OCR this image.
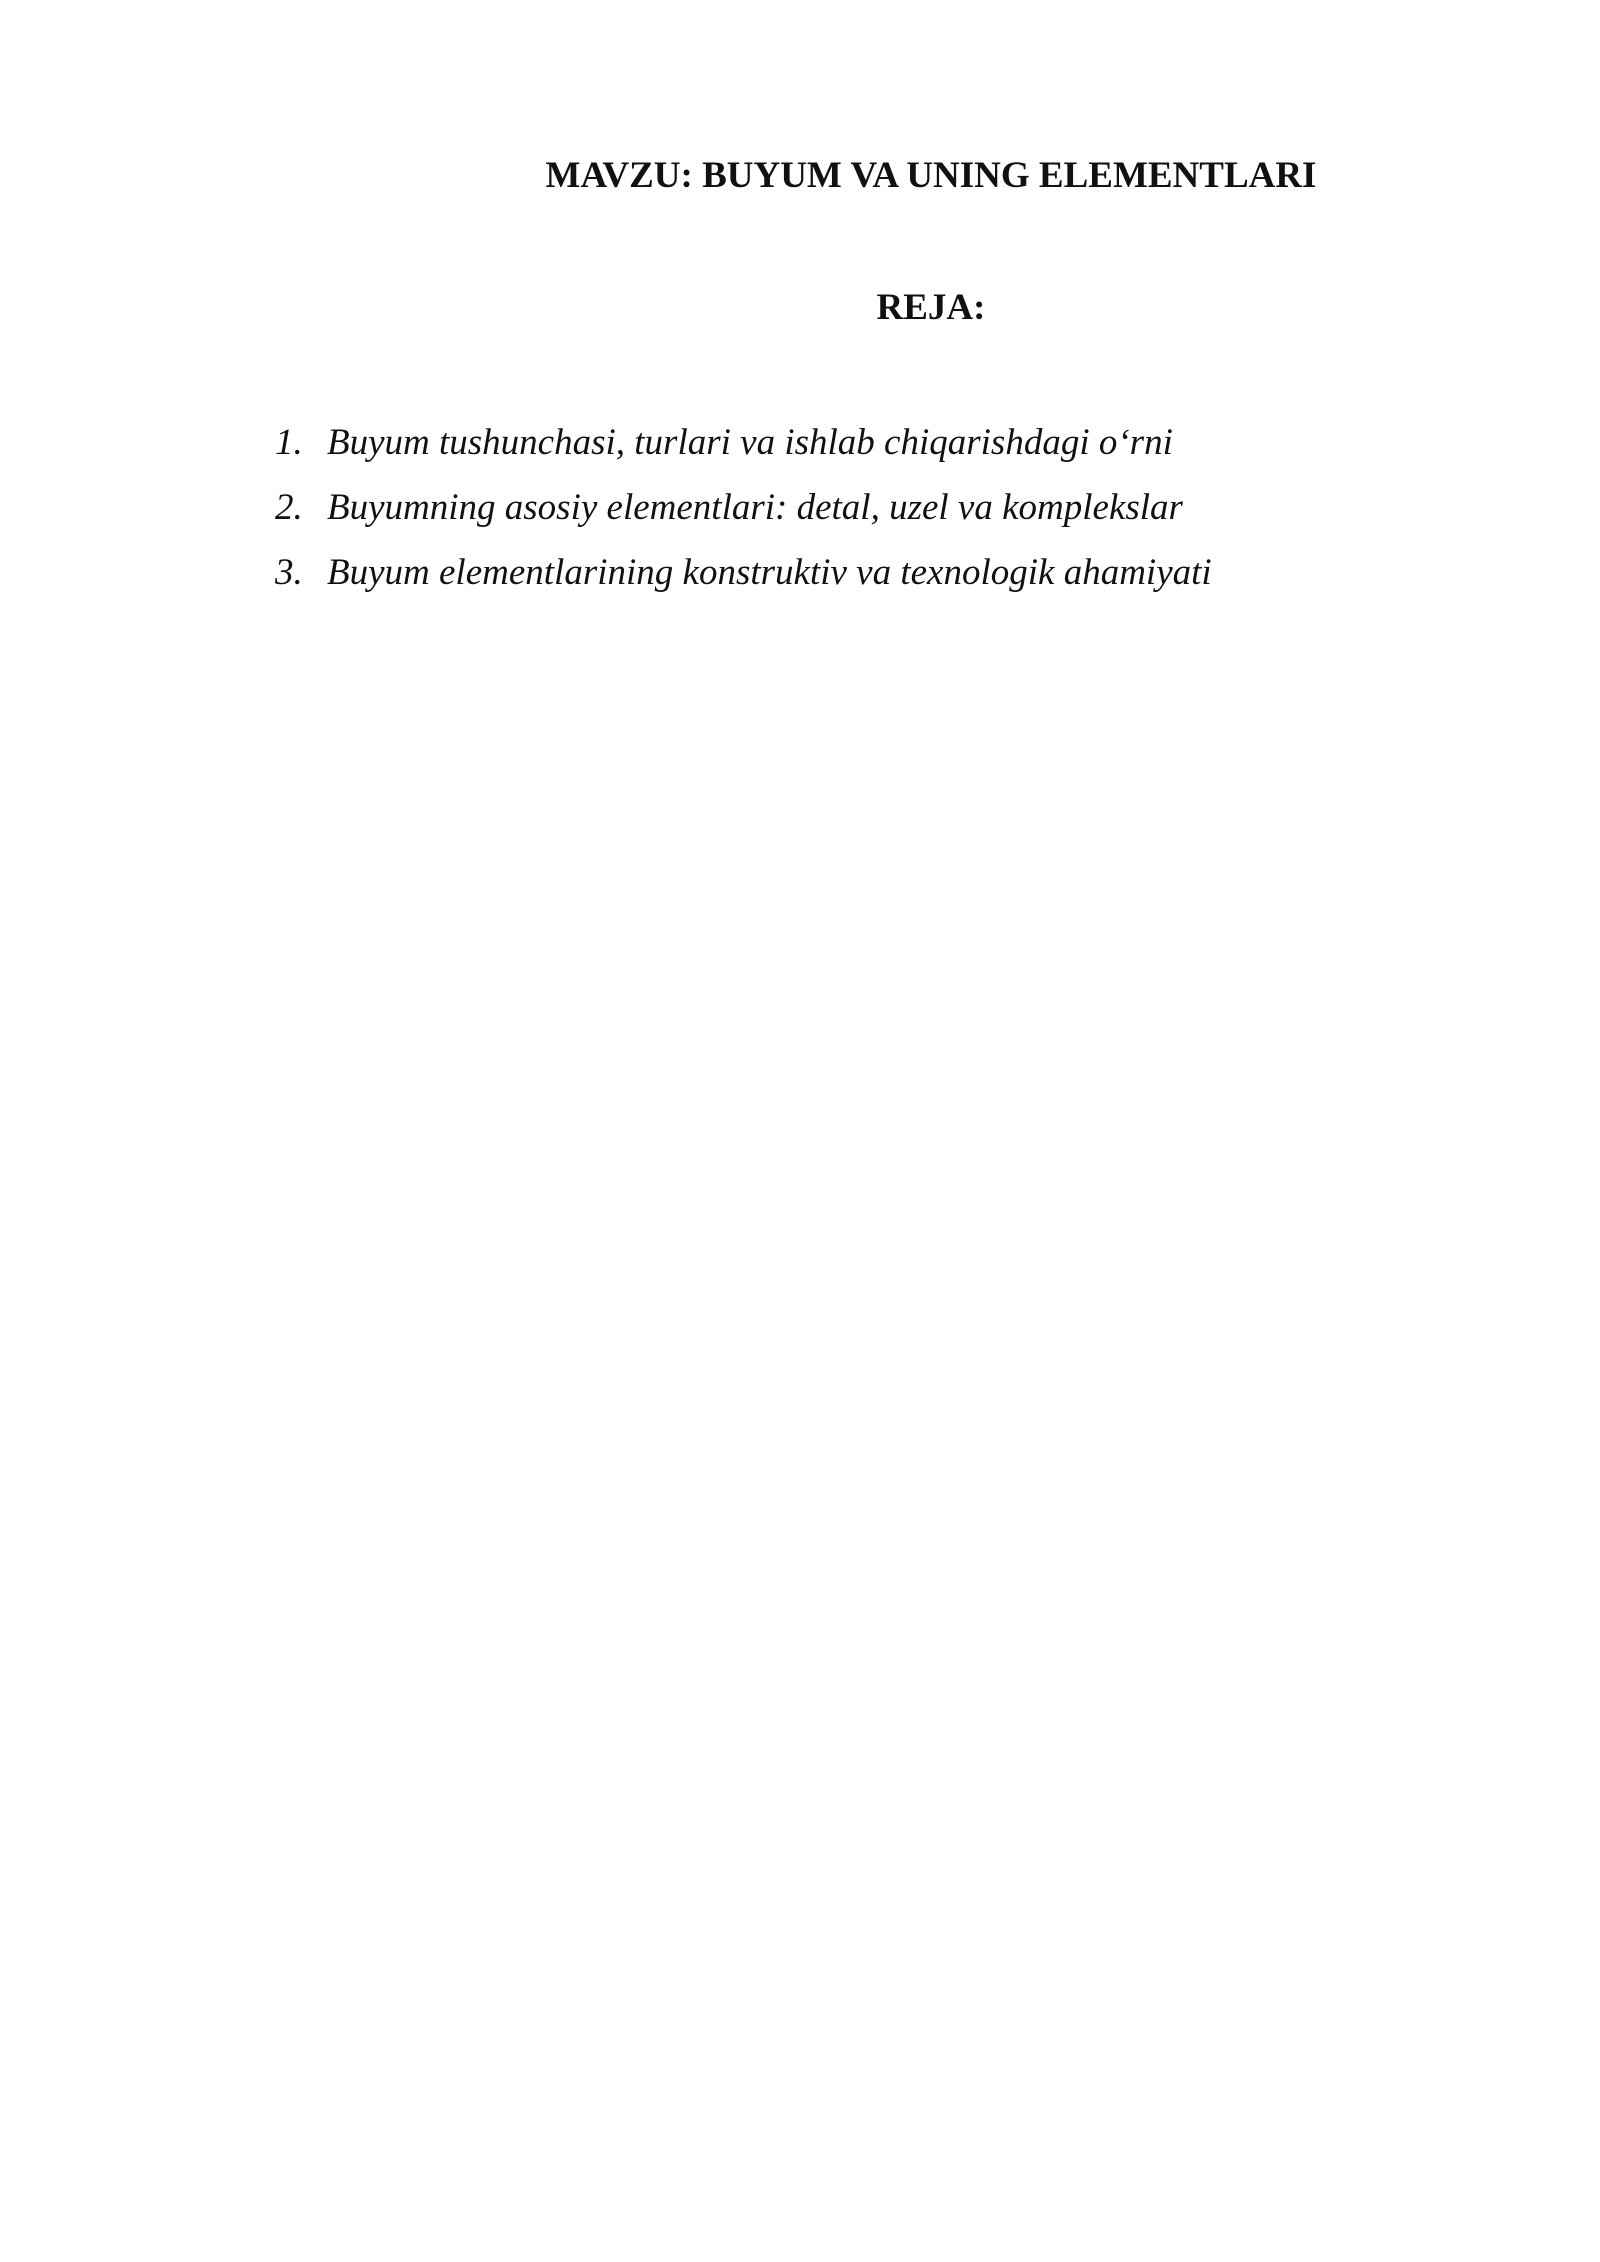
MAVZU: BUYUM VA UNING ELEMENTLARI
REJA:
1. Buyum tushunchasi, turlari va ishlab chiqarishdagi o‘rni
2. Buyumning asosiy elementlari: detal, uzel va komplekslar
3. Buyum elementlarining konstruktiv va texnologik ahamiyati
